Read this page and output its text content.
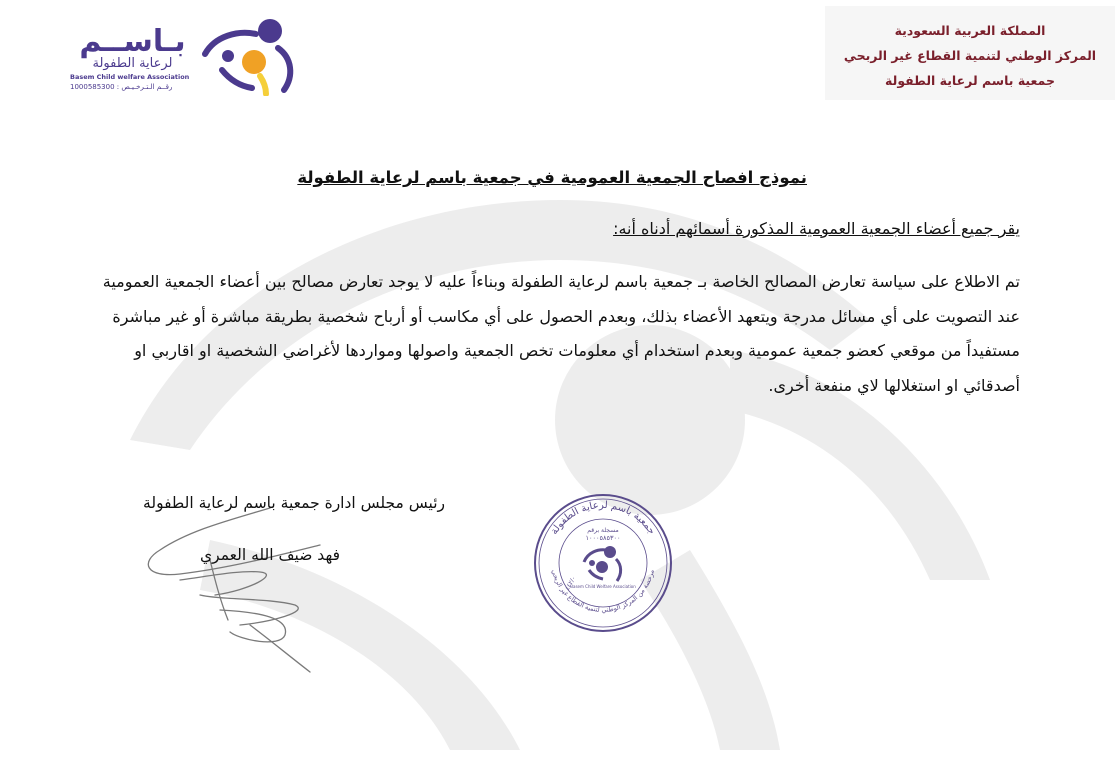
المملكة العربية السعودية
المركز الوطني لتنمية القطاع غير الربحي
جمعية باسم لرعاية الطفولة
بـاســم
لرعاية الطفولة
Basem Child welfare Association
رقــم الـتـرخـيـص : 1000585300
نموذج افصاح الجمعية العمومية في جمعية باسم لرعاية الطفولة
يقر جميع أعضاء الجمعية العمومية المذكورة أسمائهم أدناه أنه:
تم الاطلاع على سياسة تعارض المصالح الخاصة بـ جمعية باسم لرعاية الطفولة وبناءاً عليه لا يوجد تعارض مصالح بين أعضاء الجمعية العمومية عند التصويت على أي مسائل مدرجة ويتعهد الأعضاء بذلك، وبعدم الحصول على أي مكاسب أو أرباح شخصية بطريقة مباشرة أو غير مباشرة مستفيداً من موقعي كعضو جمعية عمومية وبعدم استخدام أي معلومات تخص الجمعية واصولها ومواردها لأغراضي الشخصية او اقاربي او أصدقائي او استغلالها لاي منفعة أخرى.
رئيس مجلس ادارة جمعية باسم لرعاية الطفولة
فهد ضيف الله العمري
جمعية باسم لرعاية الطفولة
مرخصة من المركز الوطني لتنمية القطاع غير الربحي
مسجلة برقم
١٠٠٠٥٨٥٣٠٠
Basem Child Welfare Association
٤٤٢/٠
